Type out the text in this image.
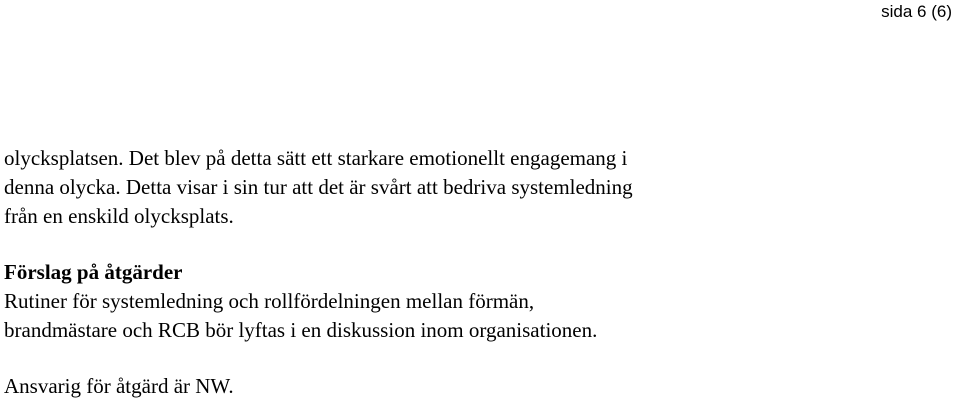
sida 6 (6)

olycksplatsen. Det blev på detta sätt ett starkare emotionellt engagemang i
denna olycka. Detta visar i sin tur att det är svårt att bedriva systemledning
från en enskild olycksplats.

Förslag på åtgärder

Rutiner för systemledning och rollfördelningen mellan förmän,
brandmästare och RCB bör lyftas i en diskussion inom organisationen.

Ansvarig för åtgärd är NW.
